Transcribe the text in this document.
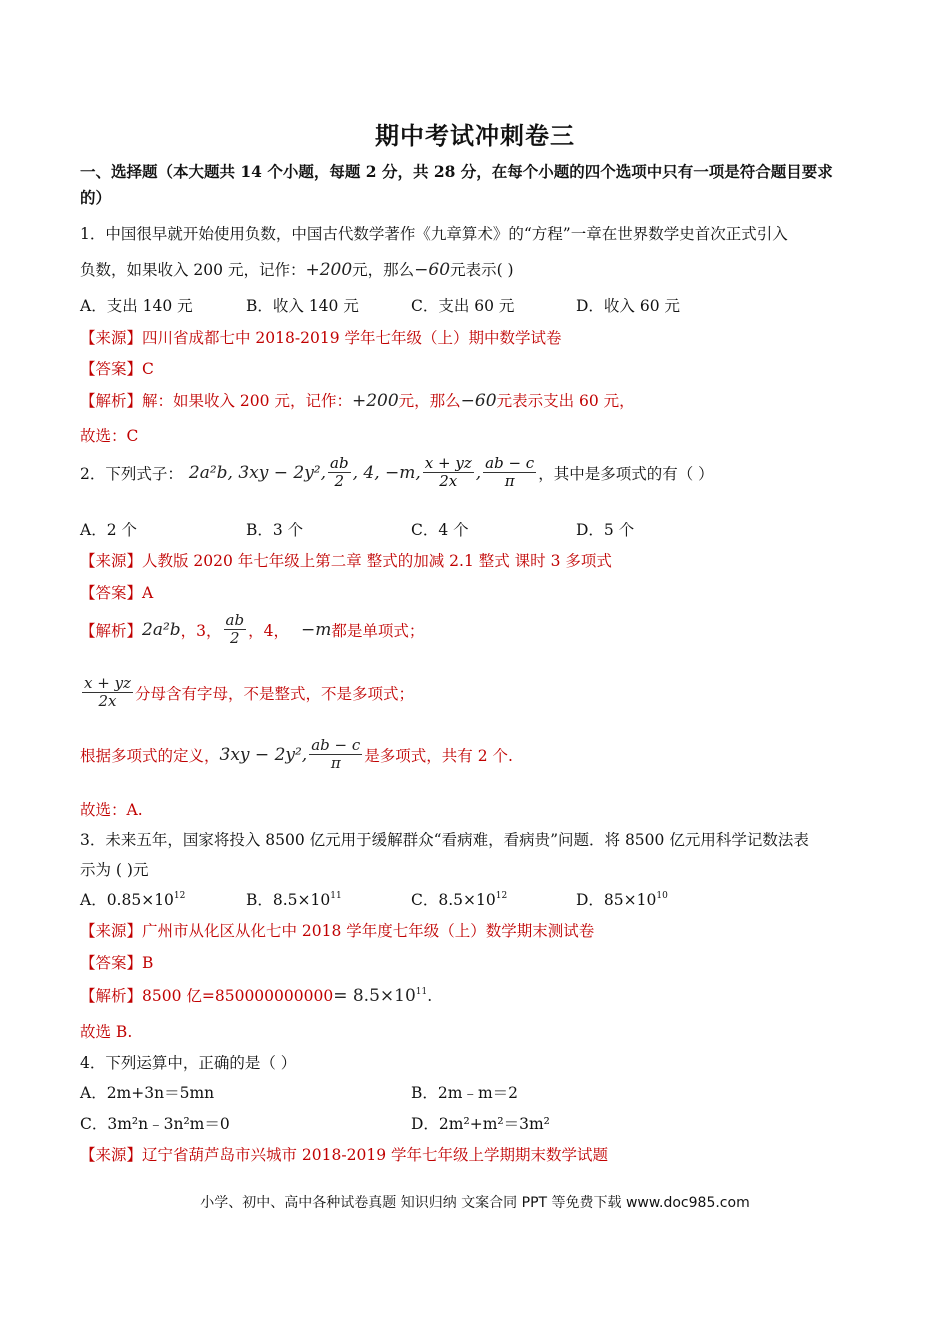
期中考试冲刺卷三
一、选择题（本大题共 14 个小题，每题 2 分，共 28 分，在每个小题的四个选项中只有一项是符合题目要求
的）
1．中国很早就开始使用负数，中国古代数学著作《九章算术》的“方程”一章在世界数学史首次正式引入
负数，如果收入 200 元，记作：+200元，那么−60元表示( )
A．支出 140 元	B．收入 140 元	C．支出 60 元	D．收入 60 元
【来源】四川省成都七中 2018-2019 学年七年级（上）期中数学试卷
【答案】C
【解析】解：如果收入 200 元，记作：+200元，那么−60元表示支出 60 元，
故选：C
2．下列式子： 2a²b, 3xy − 2y², $\frac{ab}{2}$ , 4, −m, $\frac{x + yz}{2x}$ , $\frac{ab - c}{\pi}$ ，其中是多项式的有（ ）
A．2 个	B．3 个	C．4 个	D．5 个
【来源】人教版 2020 年七年级上第二章 整式的加减 2.1 整式 课时 3 多项式
【答案】A
【解析】 2a²b ，3， $\frac{ab}{2}$ ，4， −m 都是单项式；
$\frac{x + yz}{2x}$ 分母含有字母，不是整式，不是多项式；
根据多项式的定义， 3xy − 2y², $\frac{ab - c}{\pi}$ 是多项式，共有 2 个.
故选：A.
3．未来五年，国家将投入 8500 亿元用于缓解群众“看病难，看病贵”问题．将 8500 亿元用科学记数法表
示为 ( )元
A．$0.85\times 10^{12}$	B．$8.5\times 10^{11}$	C．$8.5\times 10^{12}$	D．$85\times 10^{10}$
【来源】广州市从化区从化七中 2018 学年度七年级（上）数学期末测试卷
【答案】B
【解析】8500 亿$=850000000000= 8.5\times 10^{11}$.
故选 B.
4．下列运算中，正确的是（ ）
A．2m+3n＝5mn	B．2m﹣m＝2
C．3m²n﹣3n²m＝0	D．2m²+m²＝3m²
【来源】辽宁省葫芦岛市兴城市 2018-2019 学年七年级上学期期末数学试题
小学、初中、高中各种试卷真题 知识归纳 文案合同 PPT 等免费下载 www.doc985.com
